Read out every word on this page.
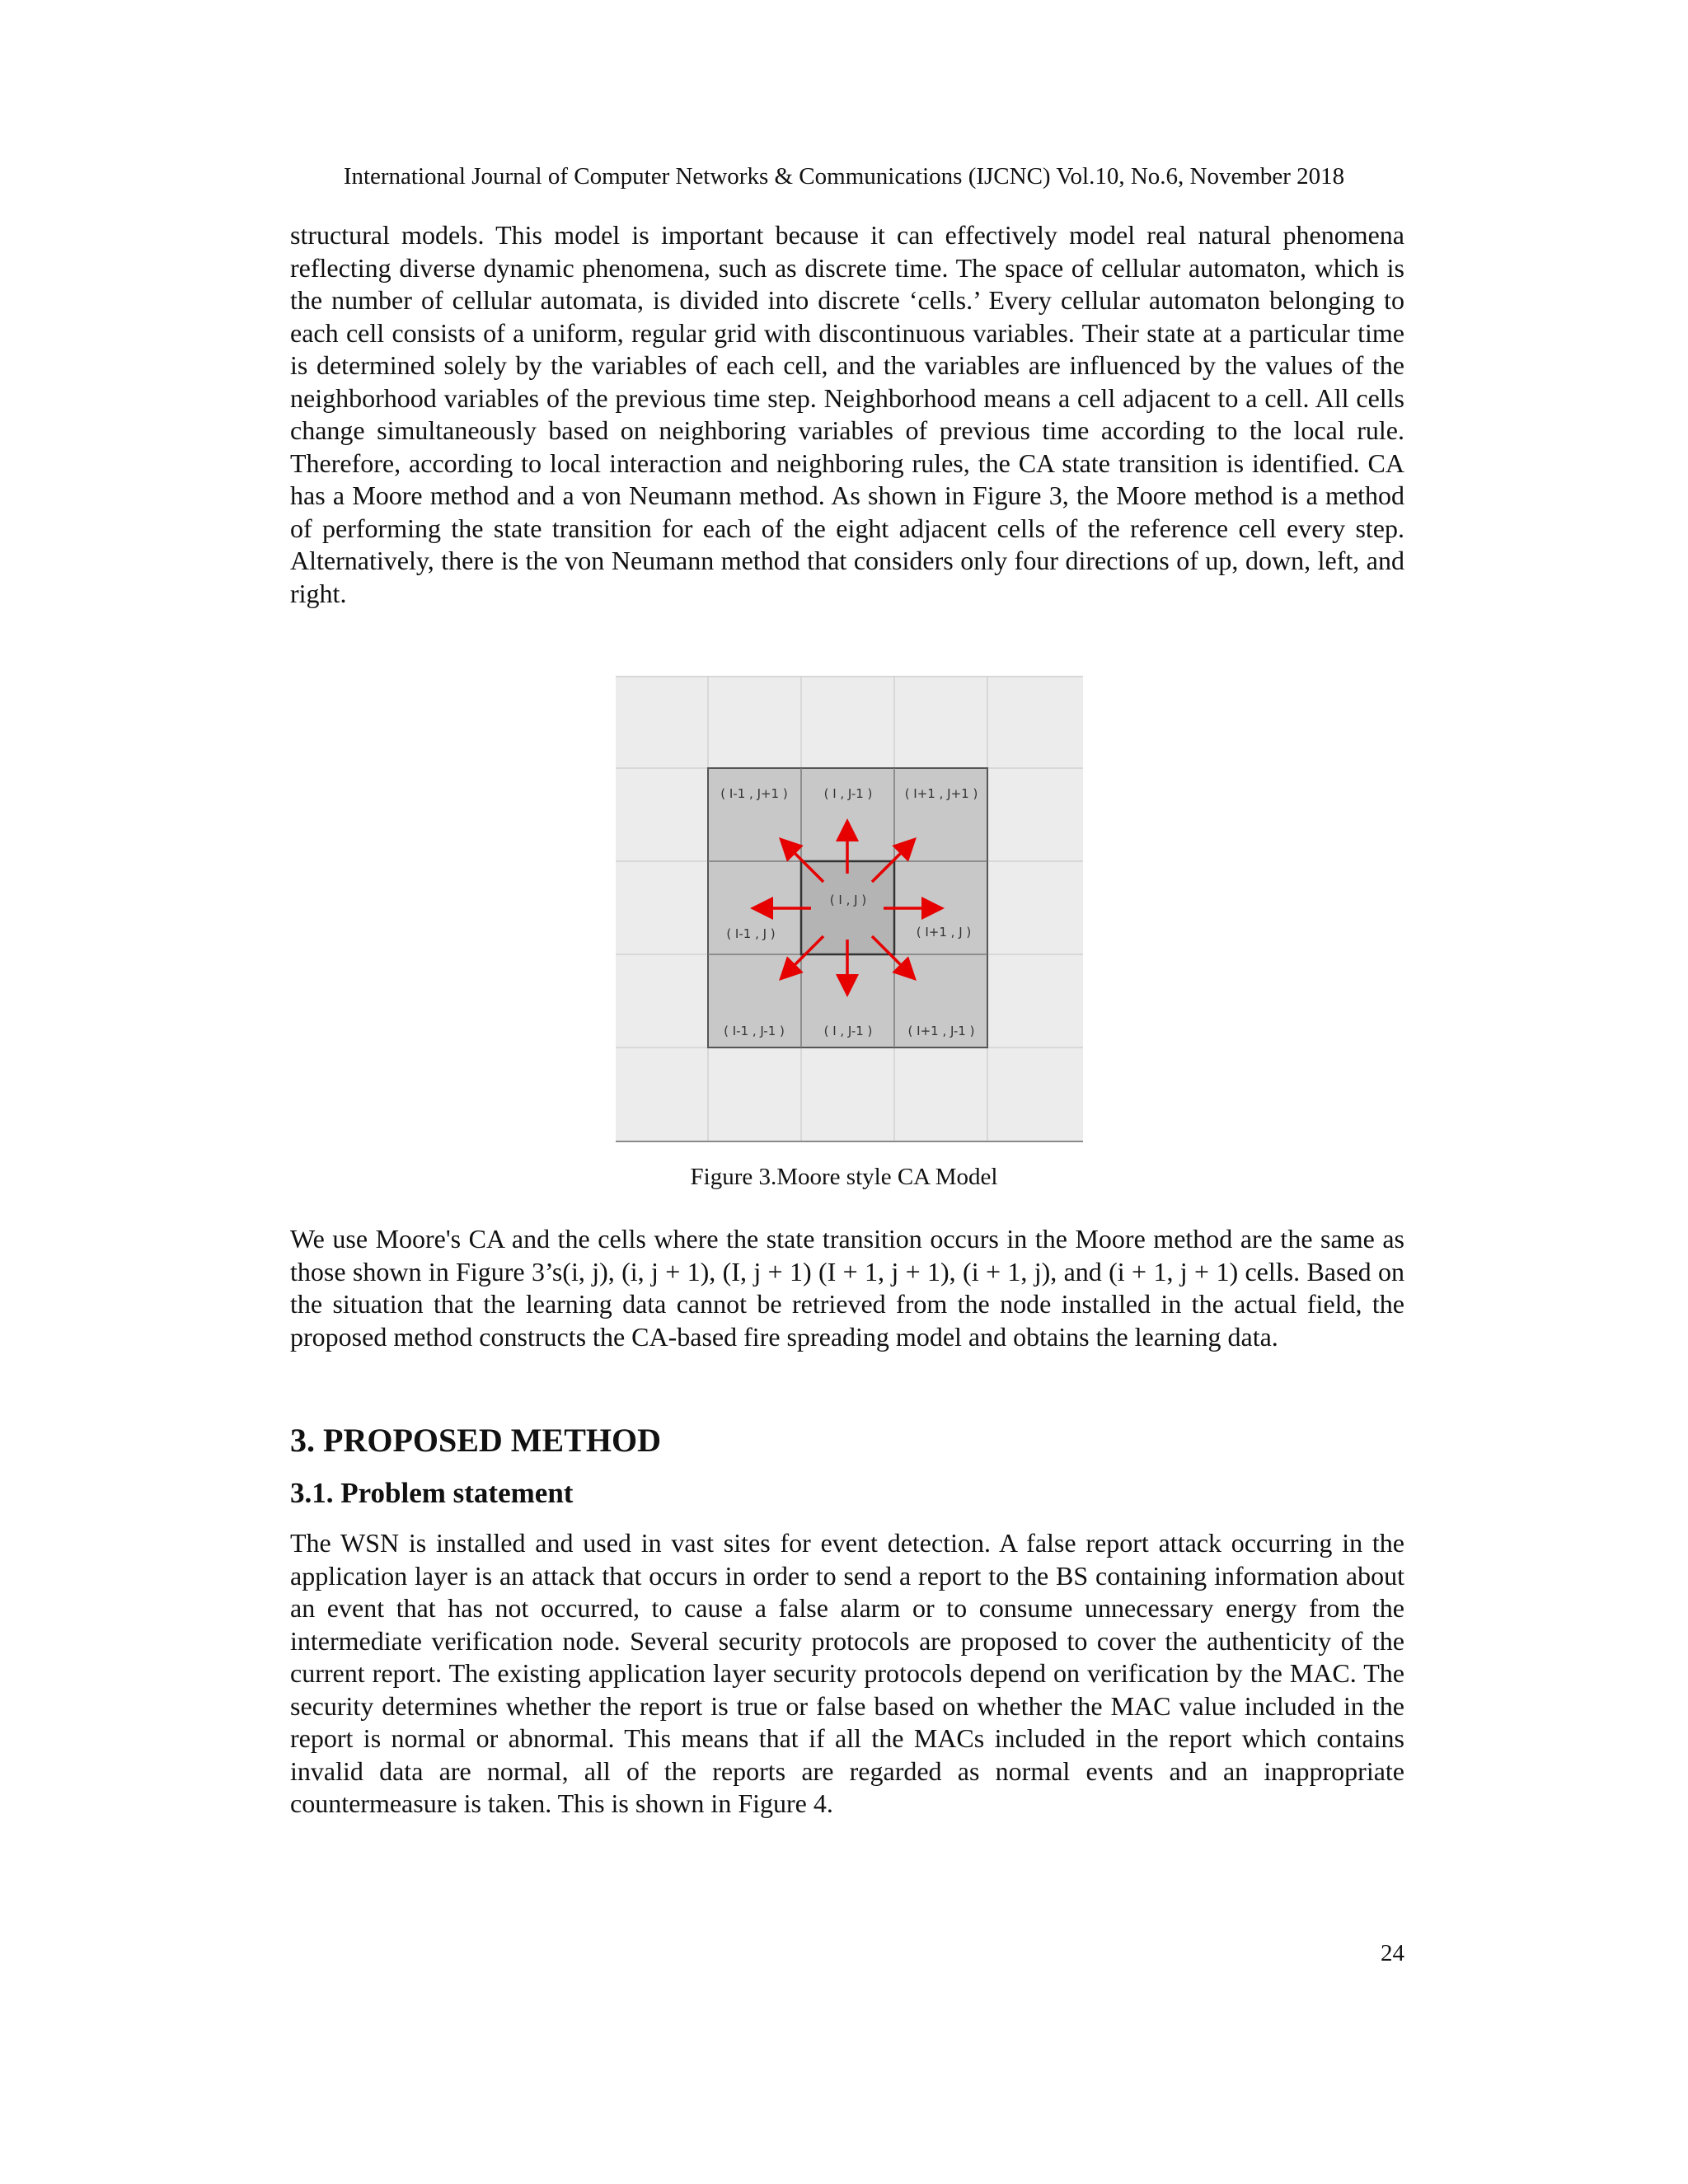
International Journal of Computer Networks & Communications (IJCNC) Vol.10, No.6, November 2018

structural models. This model is important because it can effectively model real natural phenomena reflecting diverse dynamic phenomena, such as discrete time. The space of cellular automaton, which is the number of cellular automata, is divided into discrete ‘cells.’ Every cellular automaton belonging to each cell consists of a uniform, regular grid with discontinuous variables. Their state at a particular time is determined solely by the variables of each cell, and the variables are influenced by the values of the neighborhood variables of the previous time step. Neighborhood means a cell adjacent to a cell. All cells change simultaneously based on neighboring variables of previous time according to the local rule. Therefore, according to local interaction and neighboring rules, the CA state transition is identified. CA has a Moore method and a von Neumann method. As shown in Figure 3, the Moore method is a method of performing the state transition for each of the eight adjacent cells of the reference cell every step. Alternatively, there is the von Neumann method that considers only four directions of up, down, left, and right.

( I-1 , J+1 )	( I , J-1 )	( I+1 , J+1 )
( I , J )
( I-1 , J )	( I+1 , J )
( I-1 , J-1 )	( I , J-1 )	( I+1 , J-1 )
Figure 3.Moore style CA Model

We use Moore's CA and the cells where the state transition occurs in the Moore method are the same as those shown in Figure 3’s(i, j), (i, j + 1), (I, j + 1) (I + 1, j + 1), (i + 1, j), and (i + 1, j + 1) cells. Based on the situation that the learning data cannot be retrieved from the node installed in the actual field, the proposed method constructs the CA-based fire spreading model and obtains the learning data.

3. PROPOSED METHOD
3.1. Problem statement

The WSN is installed and used in vast sites for event detection. A false report attack occurring in the application layer is an attack that occurs in order to send a report to the BS containing information about an event that has not occurred, to cause a false alarm or to consume unnecessary energy from the intermediate verification node. Several security protocols are proposed to cover the authenticity of the current report. The existing application layer security protocols depend on verification by the MAC. The security determines whether the report is true or false based on whether the MAC value included in the report is normal or abnormal. This means that if all the MACs included in the report which contains invalid data are normal, all of the reports are regarded as normal events and an inappropriate countermeasure is taken. This is shown in Figure 4.

24
